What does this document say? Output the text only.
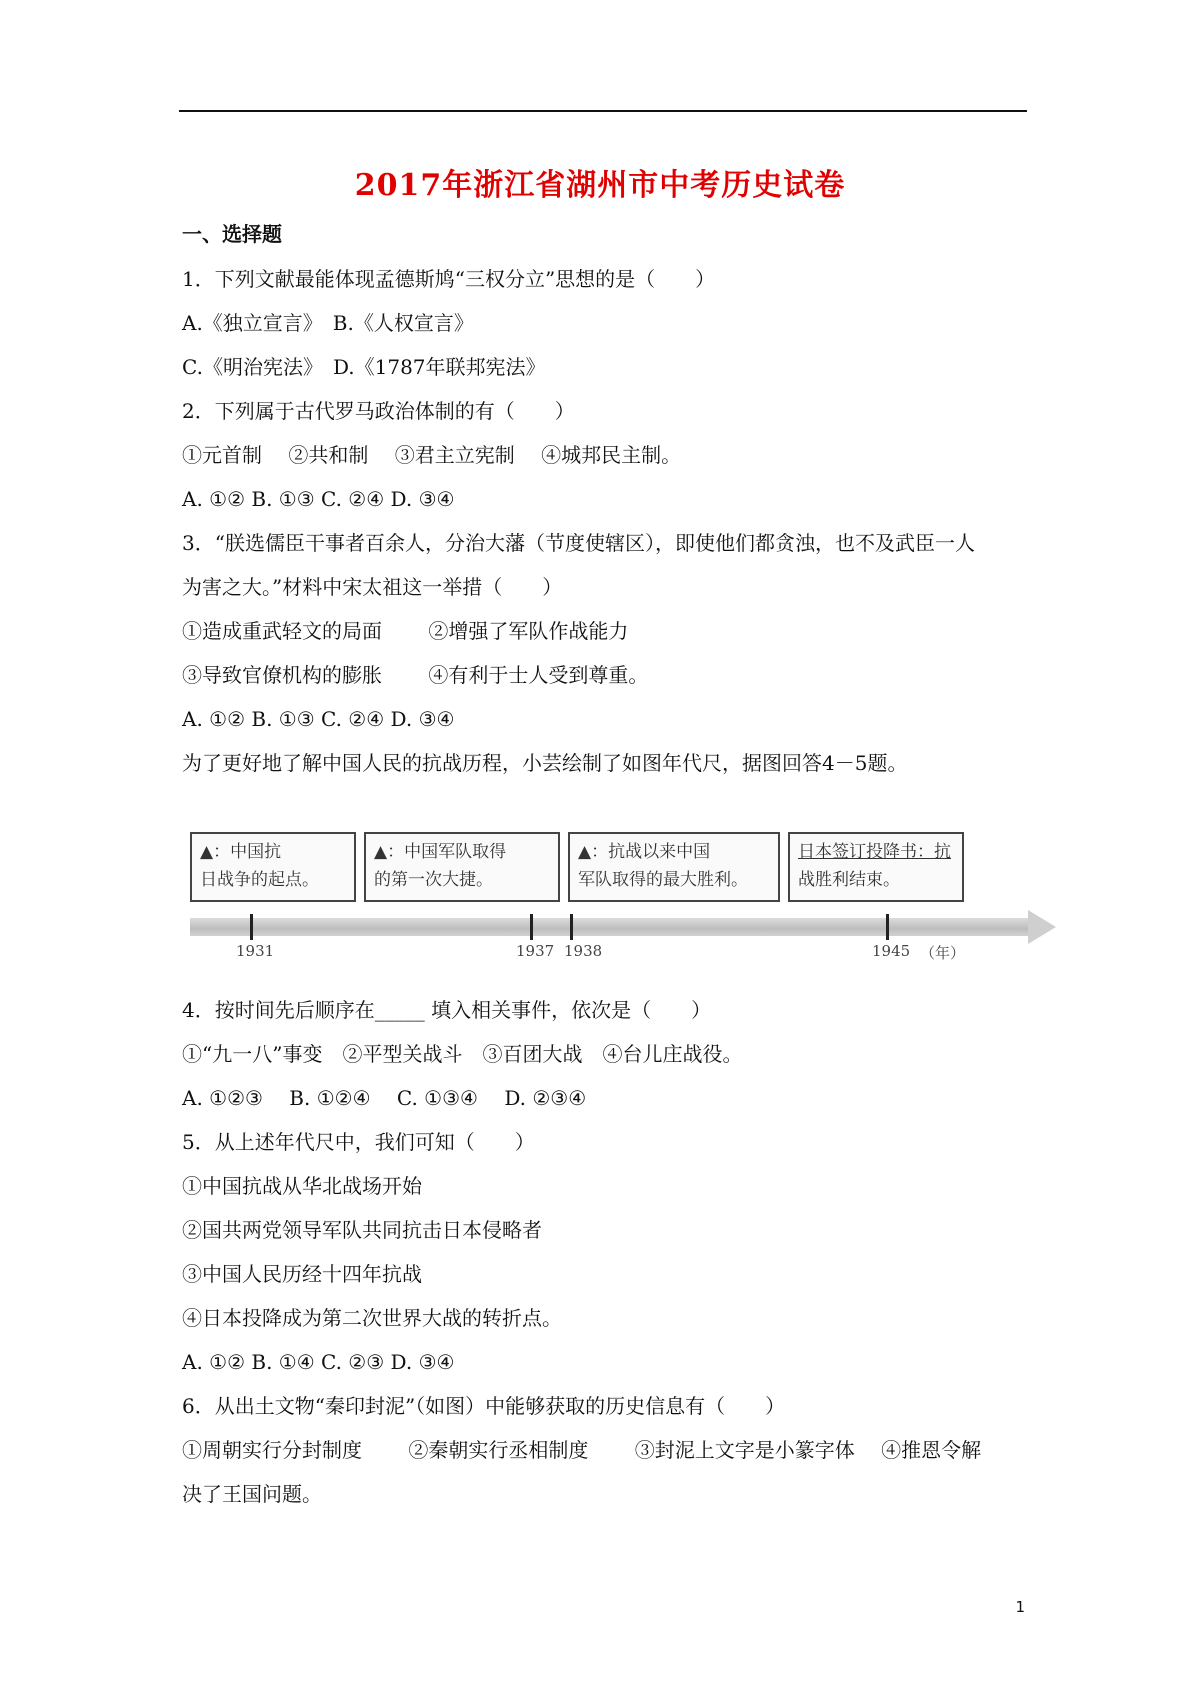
2017年浙江省湖州市中考历史试卷
一、选择题
1．下列文献最能体现孟德斯鸠“三权分立”思想的是（　　）
A.《独立宣言》　B.《人权宣言》
C.《明治宪法》　D.《1787年联邦宪法》
2．下列属于古代罗马政治体制的有（　　）
①元首制　 ②共和制　 ③君主立宪制　 ④城邦民主制。
A. ①② B. ①③ C. ②④ D. ③④
3．“朕选儒臣干事者百余人，分治大藩（节度使辖区），即使他们都贪浊，也不及武臣一人
为害之大。”材料中宋太祖这一举措（　　）
①造成重武轻文的局面　　 ②增强了军队作战能力
③导致官僚机构的膨胀　　 ④有利于士人受到尊重。
A. ①② B. ①③ C. ②④ D. ③④
为了更好地了解中国人民的抗战历程，小芸绘制了如图年代尺，据图回答4－5题。
▲：中国抗
日战争的起点。
▲：中国军队取得
的第一次大捷。
▲：抗战以来中国
军队取得的最大胜利。
日本签订投降书：抗
战胜利结束。
1931	1937 1938	1945 （年）
4．按时间先后顺序在_____ 填入相关事件，依次是（　　）
①“九一八”事变　②平型关战斗　③百团大战　④台儿庄战役。
A. ①②③　 B. ①②④　 C. ①③④　 D. ②③④
5．从上述年代尺中，我们可知（　　）
①中国抗战从华北战场开始
②国共两党领导军队共同抗击日本侵略者
③中国人民历经十四年抗战
④日本投降成为第二次世界大战的转折点。
A. ①② B. ①④ C. ②③ D. ③④
6．从出土文物“秦印封泥”（如图）中能够获取的历史信息有（　　）
①周朝实行分封制度　　 ②秦朝实行丞相制度　　 ③封泥上文字是小篆字体　 ④推恩令解
决了王国问题。
1
